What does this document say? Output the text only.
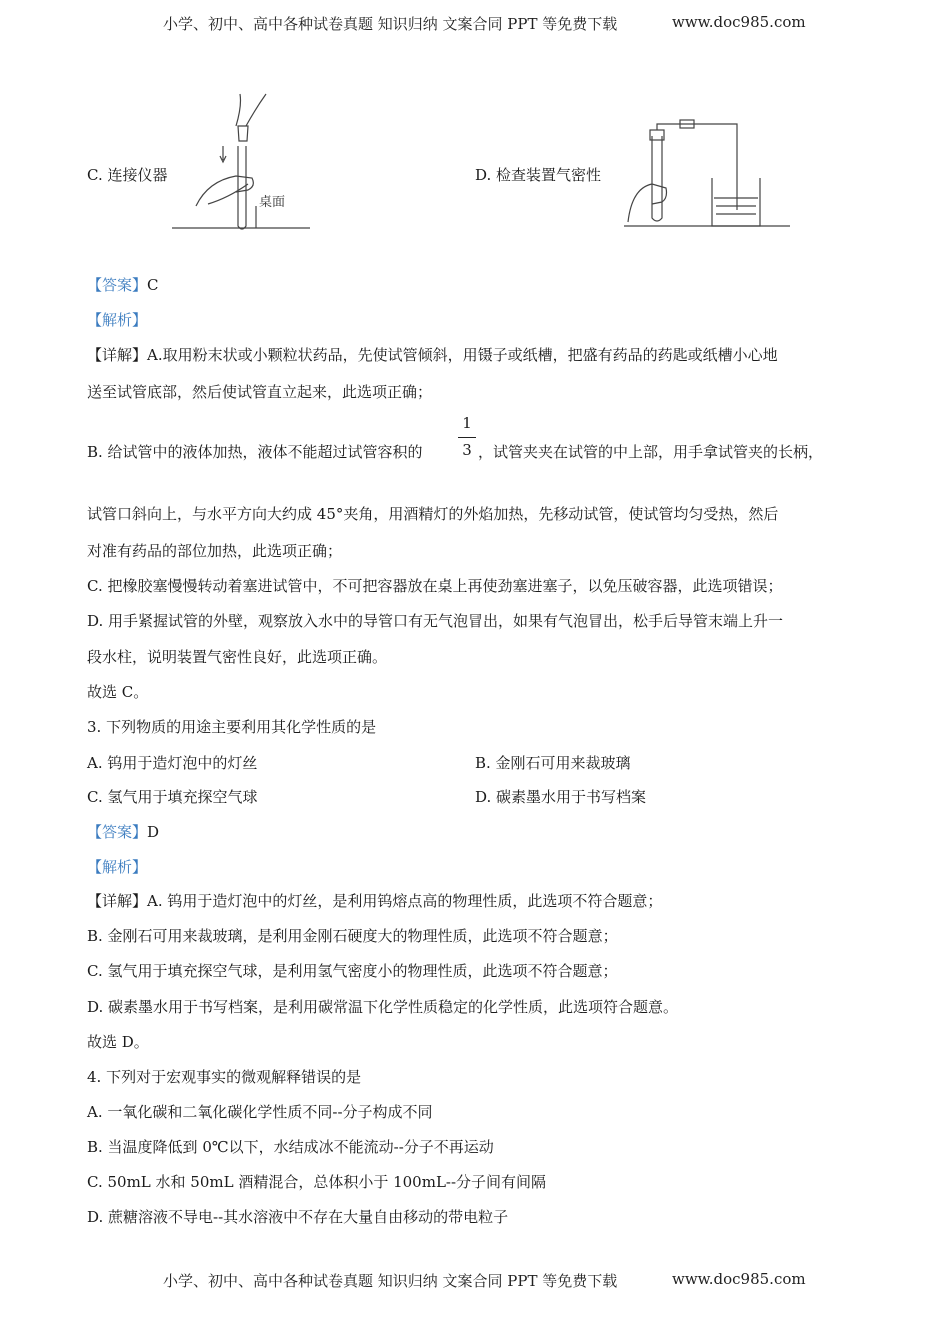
小学、初中、高中各种试卷真题 知识归纳 文案合同 PPT 等免费下载	www.doc985.com
C. 连接仪器
桌面
D. 检查装置气密性
【答案】C
【解析】
【详解】A.取用粉末状或小颗粒状药品，先使试管倾斜，用镊子或纸槽，把盛有药品的药匙或纸槽小心地
送至试管底部，然后使试管直立起来，此选项正确；
B. 给试管中的液体加热，液体不能超过试管容积的
1
3 ，试管夹夹在试管的中上部，用手拿试管夹的长柄，
试管口斜向上，与水平方向大约成 45°夹角，用酒精灯的外焰加热，先移动试管，使试管均匀受热，然后
对准有药品的部位加热，此选项正确；
C. 把橡胶塞慢慢转动着塞进试管中，不可把容器放在桌上再使劲塞进塞子，以免压破容器，此选项错误；
D. 用手紧握试管的外壁，观察放入水中的导管口有无气泡冒出，如果有气泡冒出，松手后导管末端上升一
段水柱，说明装置气密性良好，此选项正确。
故选 C。
3. 下列物质的用途主要利用其化学性质的是
A. 钨用于造灯泡中的灯丝	B. 金刚石可用来裁玻璃
C. 氢气用于填充探空气球	D. 碳素墨水用于书写档案
【答案】D
【解析】
【详解】A. 钨用于造灯泡中的灯丝，是利用钨熔点高的物理性质，此选项不符合题意；
B. 金刚石可用来裁玻璃，是利用金刚石硬度大的物理性质，此选项不符合题意；
C. 氢气用于填充探空气球，是利用氢气密度小的物理性质，此选项不符合题意；
D. 碳素墨水用于书写档案，是利用碳常温下化学性质稳定的化学性质，此选项符合题意。
故选 D。
4. 下列对于宏观事实的微观解释错误的是
A. 一氧化碳和二氧化碳化学性质不同--分子构成不同
B. 当温度降低到 0℃以下，水结成冰不能流动--分子不再运动
C. 50mL 水和 50mL 酒精混合，总体积小于 100mL--分子间有间隔
D. 蔗糖溶液不导电--其水溶液中不存在大量自由移动的带电粒子
小学、初中、高中各种试卷真题 知识归纳 文案合同 PPT 等免费下载	www.doc985.com
